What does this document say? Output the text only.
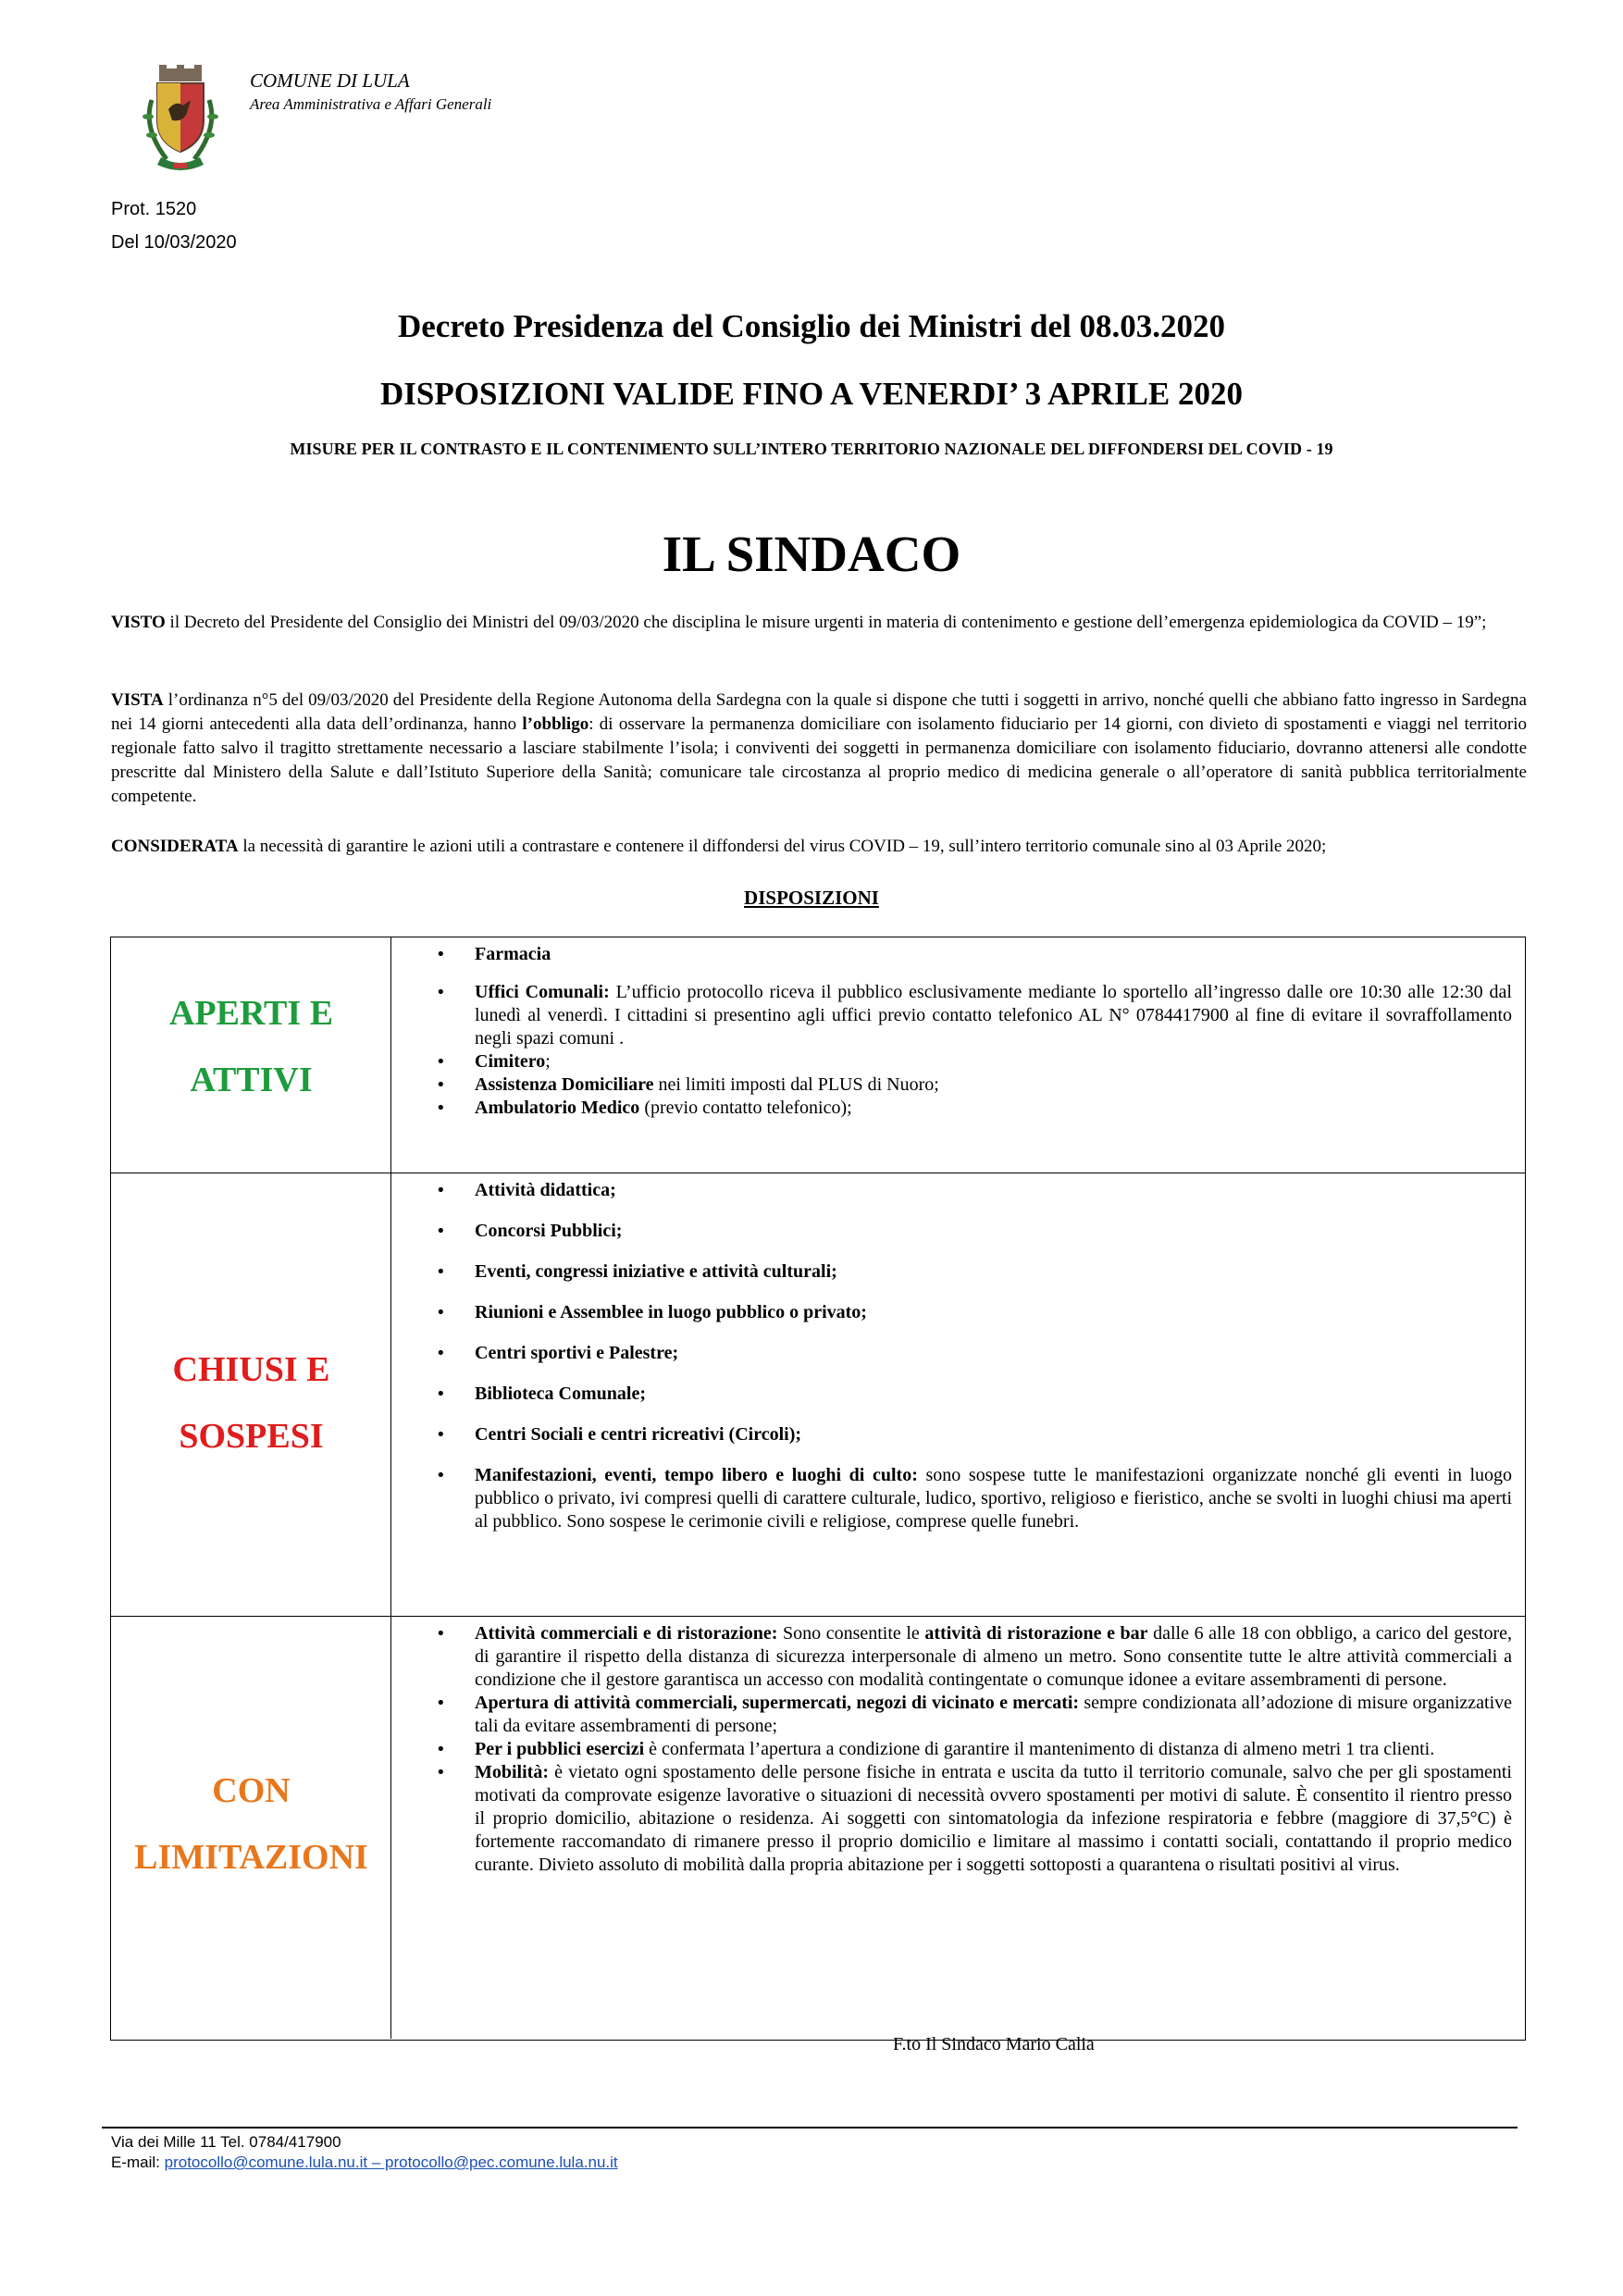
COMUNE DI LULA
Area Amministrativa e Affari Generali
Prot. 1520
Del 10/03/2020
Decreto Presidenza del Consiglio dei Ministri del 08.03.2020
DISPOSIZIONI VALIDE FINO A VENERDI’ 3 APRILE 2020
MISURE PER IL CONTRASTO E IL CONTENIMENTO SULL’INTERO TERRITORIO NAZIONALE DEL DIFFONDERSI DEL COVID - 19
IL SINDACO
VISTO il Decreto del Presidente del Consiglio dei Ministri del 09/03/2020 che disciplina le misure urgenti in materia di contenimento e gestione dell’emergenza epidemiologica da COVID – 19”;
VISTA l’ordinanza n°5 del 09/03/2020 del Presidente della Regione Autonoma della Sardegna con la quale si dispone che tutti i soggetti in arrivo, nonché quelli che abbiano fatto ingresso in Sardegna nei 14 giorni antecedenti alla data dell’ordinanza, hanno l’obbligo: di osservare la permanenza domiciliare con isolamento fiduciario per 14 giorni, con divieto di spostamenti e viaggi nel territorio regionale fatto salvo il tragitto strettamente necessario a lasciare stabilmente l’isola; i conviventi dei soggetti in permanenza domiciliare con isolamento fiduciario, dovranno attenersi alle condotte prescritte dal Ministero della Salute e dall’Istituto Superiore della Sanità; comunicare tale circostanza al proprio medico di medicina generale o all’operatore di sanità pubblica territorialmente competente.
CONSIDERATA la necessità di garantire le azioni utili a contrastare e contenere il diffondersi del virus COVID – 19, sull’intero territorio comunale sino al 03 Aprile 2020;
DISPOSIZIONI
APERTI E
ATTIVI
• Farmacia
• Uffici Comunali: L’ufficio protocollo riceva il pubblico esclusivamente mediante lo sportello all’ingresso dalle ore 10:30 alle 12:30 dal lunedì al venerdì. I cittadini si presentino agli uffici previo contatto telefonico AL N° 0784417900 al fine di evitare il sovraffollamento negli spazi comuni .
• Cimitero;
• Assistenza Domiciliare nei limiti imposti dal PLUS di Nuoro;
• Ambulatorio Medico (previo contatto telefonico);
CHIUSI E
SOSPESI
• Attività didattica;
• Concorsi Pubblici;
• Eventi, congressi iniziative e attività culturali;
• Riunioni e Assemblee in luogo pubblico o privato;
• Centri sportivi e Palestre;
• Biblioteca Comunale;
• Centri Sociali e centri ricreativi (Circoli);
• Manifestazioni, eventi, tempo libero e luoghi di culto: sono sospese tutte le manifestazioni organizzate nonché gli eventi in luogo pubblico o privato, ivi compresi quelli di carattere culturale, ludico, sportivo, religioso e fieristico, anche se svolti in luoghi chiusi ma aperti al pubblico. Sono sospese le cerimonie civili e religiose, comprese quelle funebri.
CON
LIMITAZIONI
• Attività commerciali e di ristorazione: Sono consentite le attività di ristorazione e bar dalle 6 alle 18 con obbligo, a carico del gestore, di garantire il rispetto della distanza di sicurezza interpersonale di almeno un metro. Sono consentite tutte le altre attività commerciali a condizione che il gestore garantisca un accesso con modalità contingentate o comunque idonee a evitare assembramenti di persone.
• Apertura di attività commerciali, supermercati, negozi di vicinato e mercati: sempre condizionata all’adozione di misure organizzative tali da evitare assembramenti di persone;
• Per i pubblici esercizi è confermata l’apertura a condizione di garantire il mantenimento di distanza di almeno metri 1 tra clienti.
• Mobilità: è vietato ogni spostamento delle persone fisiche in entrata e uscita da tutto il territorio comunale, salvo che per gli spostamenti motivati da comprovate esigenze lavorative o situazioni di necessità ovvero spostamenti per motivi di salute. È consentito il rientro presso il proprio domicilio, abitazione o residenza. Ai soggetti con sintomatologia da infezione respiratoria e febbre (maggiore di 37,5°C) è fortemente raccomandato di rimanere presso il proprio domicilio e limitare al massimo i contatti sociali, contattando il proprio medico curante. Divieto assoluto di mobilità dalla propria abitazione per i soggetti sottoposti a quarantena o risultati positivi al virus.
F.to Il Sindaco Mario Calia
Via dei Mille 11 Tel. 0784/417900
E-mail: protocollo@comune.lula.nu.it – protocollo@pec.comune.lula.nu.it
